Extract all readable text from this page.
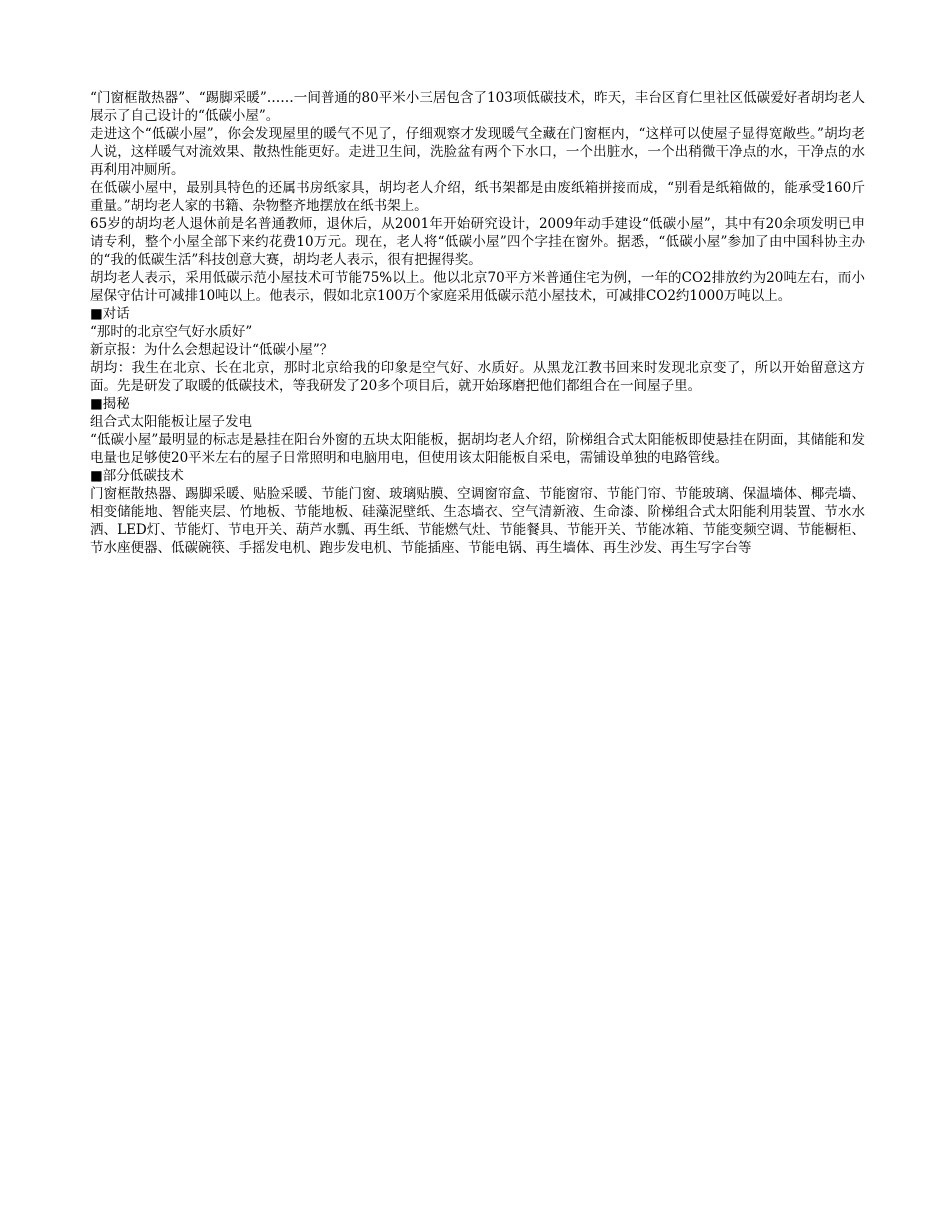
“门窗框散热器”、“踢脚采暖”……一间普通的80平米小三居包含了103项低碳技术，昨天，丰台区育仁里社区低碳爱好者胡均老人展示了自己设计的“低碳小屋”。

走进这个“低碳小屋”，你会发现屋里的暖气不见了，仔细观察才发现暖气全藏在门窗框内，“这样可以使屋子显得宽敞些。”胡均老人说，这样暖气对流效果、散热性能更好。走进卫生间，洗脸盆有两个下水口，一个出脏水，一个出稍微干净点的水，干净点的水再利用冲厕所。

在低碳小屋中，最别具特色的还属书房纸家具，胡均老人介绍，纸书架都是由废纸箱拼接而成，“别看是纸箱做的，能承受160斤重量。”胡均老人家的书籍、杂物整齐地摆放在纸书架上。

65岁的胡均老人退休前是名普通教师，退休后，从2001年开始研究设计，2009年动手建设“低碳小屋”，其中有20余项发明已申请专利，整个小屋全部下来约花费10万元。现在，老人将“低碳小屋”四个字挂在窗外。据悉，“低碳小屋”参加了由中国科协主办的“我的低碳生活”科技创意大赛，胡均老人表示，很有把握得奖。

胡均老人表示，采用低碳示范小屋技术可节能75%以上。他以北京70平方米普通住宅为例，一年的CO2排放约为20吨左右，而小屋保守估计可减排10吨以上。他表示，假如北京100万个家庭采用低碳示范小屋技术，可减排CO2约1000万吨以上。

■对话

“那时的北京空气好水质好”

新京报：为什么会想起设计“低碳小屋”？

胡均：我生在北京、长在北京，那时北京给我的印象是空气好、水质好。从黑龙江教书回来时发现北京变了，所以开始留意这方面。先是研发了取暖的低碳技术，等我研发了20多个项目后，就开始琢磨把他们都组合在一间屋子里。

■揭秘

组合式太阳能板让屋子发电

“低碳小屋”最明显的标志是悬挂在阳台外窗的五块太阳能板，据胡均老人介绍，阶梯组合式太阳能板即使悬挂在阴面，其储能和发电量也足够使20平米左右的屋子日常照明和电脑用电，但使用该太阳能板自采电，需铺设单独的电路管线。

■部分低碳技术

门窗框散热器、踢脚采暖、贴脸采暖、节能门窗、玻璃贴膜、空调窗帘盒、节能窗帘、节能门帘、节能玻璃、保温墙体、椰壳墙、相变储能地、智能夹层、竹地板、节能地板、硅藻泥壁纸、生态墙衣、空气清新液、生命漆、阶梯组合式太阳能利用装置、节水水洒、LED灯、节能灯、节电开关、葫芦水瓢、再生纸、节能燃气灶、节能餐具、节能开关、节能冰箱、节能变频空调、节能橱柜、节水座便器、低碳碗筷、手摇发电机、跑步发电机、节能插座、节能电锅、再生墙体、再生沙发、再生写字台等
